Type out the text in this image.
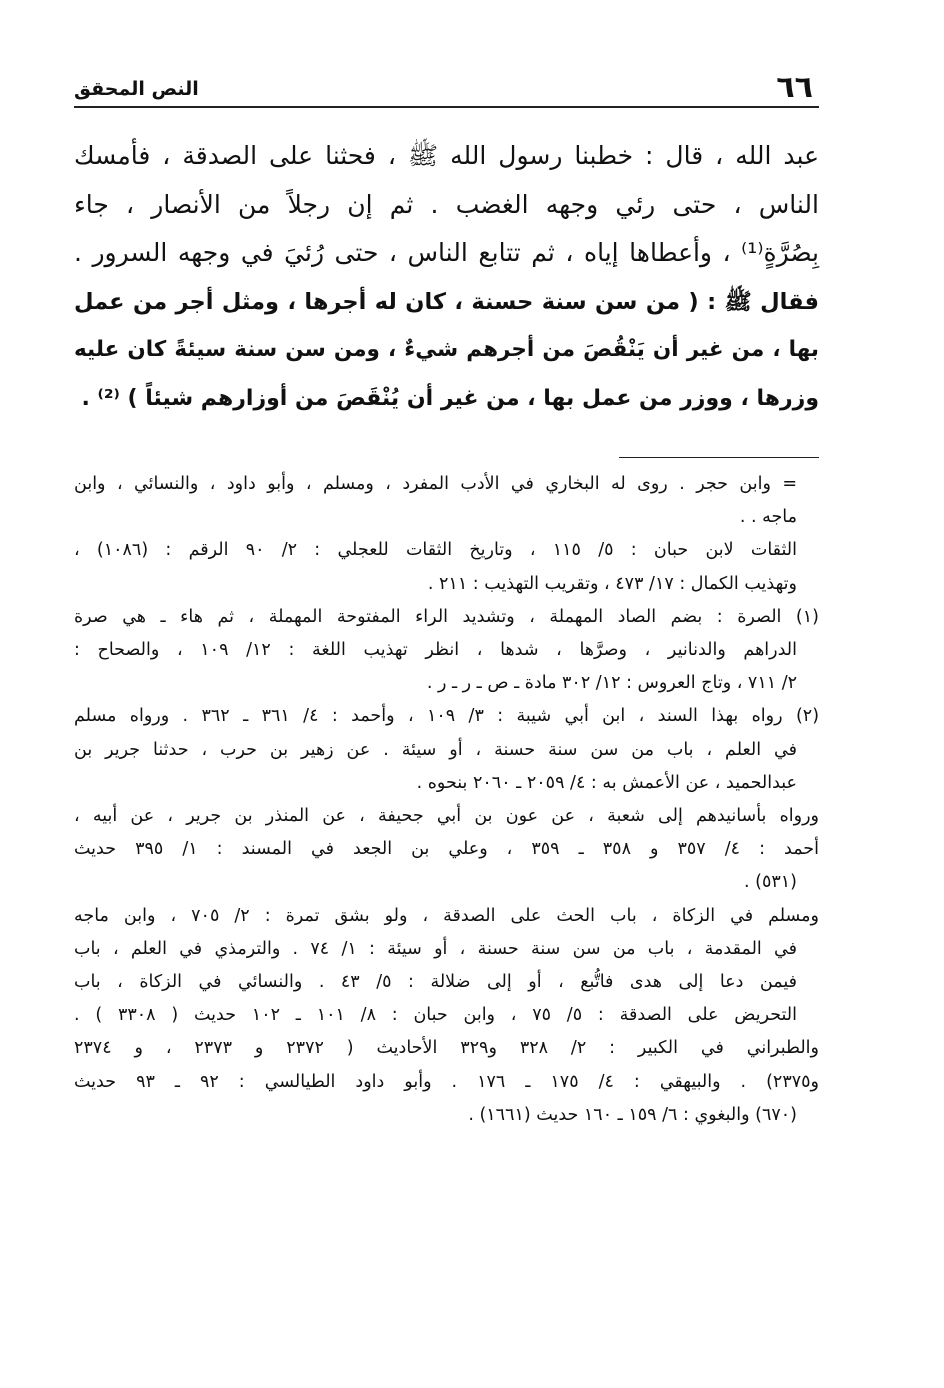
٦٦
النص المحقق
عبد الله ، قال : خطبنا رسول الله ﷺ ، فحثنا على الصدقة ، فأمسك
الناس ، حتى رئي وجهه الغضب . ثم إن رجلاً من الأنصار ، جاء
بِصُرَّةٍ⁽¹⁾ ، وأعطاها إياه ، ثم تتابع الناس ، حتى رُئيَ في وجهه السرور .
فقال ﷺ : ( من سن سنة حسنة ، كان له أجرها ، ومثل أجر من عمل
بها ، من غير أن يَنْقُصَ من أجرهم شيءٌ ، ومن سن سنة سيئةً كان عليه
وزرها ، ووزر من عمل بها ، من غير أن يُنْقَصَ من أوزارهم شيئاً ) ⁽²⁾ .
= وابن حجر . روى له البخاري في الأدب المفرد ، ومسلم ، وأبو داود ، والنسائي ، وابن
ماجه . .
الثقات لابن حبان : ٥/ ١١٥ ، وتاريخ الثقات للعجلي : ٢/ ٩٠ الرقم : (١٠٨٦) ،
وتهذيب الكمال : ١٧/ ٤٧٣ ، وتقريب التهذيب : ٢١١ .
(١) الصرة : بضم الصاد المهملة ، وتشديد الراء المفتوحة المهملة ، ثم هاء ـ هي صرة
الدراهم والدنانير ، وصرَّها ، شدها ، انظر تهذيب اللغة : ١٢/ ١٠٩ ، والصحاح :
٢/ ٧١١ ، وتاج العروس : ١٢/ ٣٠٢ مادة ـ ص ـ ر ـ ر .
(٢) رواه بهذا السند ، ابن أبي شيبة : ٣/ ١٠٩ ، وأحمد : ٤/ ٣٦١ ـ ٣٦٢ . ورواه مسلم
في العلم ، باب من سن سنة حسنة ، أو سيئة . عن زهير بن حرب ، حدثنا جرير بن
عبدالحميد ، عن الأعمش به : ٤/ ٢٠٥٩ ـ ٢٠٦٠ بنحوه .
ورواه بأسانيدهم إلى شعبة ، عن عون بن أبي جحيفة ، عن المنذر بن جرير ، عن أبيه ،
أحمد : ٤/ ٣٥٧ و ٣٥٨ ـ ٣٥٩ ، وعلي بن الجعد في المسند : ١/ ٣٩٥ حديث
(٥٣١) .
ومسلم في الزكاة ، باب الحث على الصدقة ، ولو بشق تمرة : ٢/ ٧٠٥ ، وابن ماجه
في المقدمة ، باب من سن سنة حسنة ، أو سيئة : ١/ ٧٤ . والترمذي في العلم ، باب
فيمن دعا إلى هدى فاتُّبع ، أو إلى ضلالة : ٥/ ٤٣ . والنسائي في الزكاة ، باب
التحريض على الصدقة : ٥/ ٧٥ ، وابن حبان : ٨/ ١٠١ ـ ١٠٢ حديث ( ٣٣٠٨ ) .
والطبراني في الكبير : ٢/ ٣٢٨ و٣٢٩ الأحاديث ( ٢٣٧٢ و ٢٣٧٣ ، و ٢٣٧٤
و٢٣٧٥) . والبيهقي : ٤/ ١٧٥ ـ ١٧٦ . وأبو داود الطيالسي : ٩٢ ـ ٩٣ حديث
(٦٧٠) والبغوي : ٦/ ١٥٩ ـ ١٦٠ حديث (١٦٦١) .
